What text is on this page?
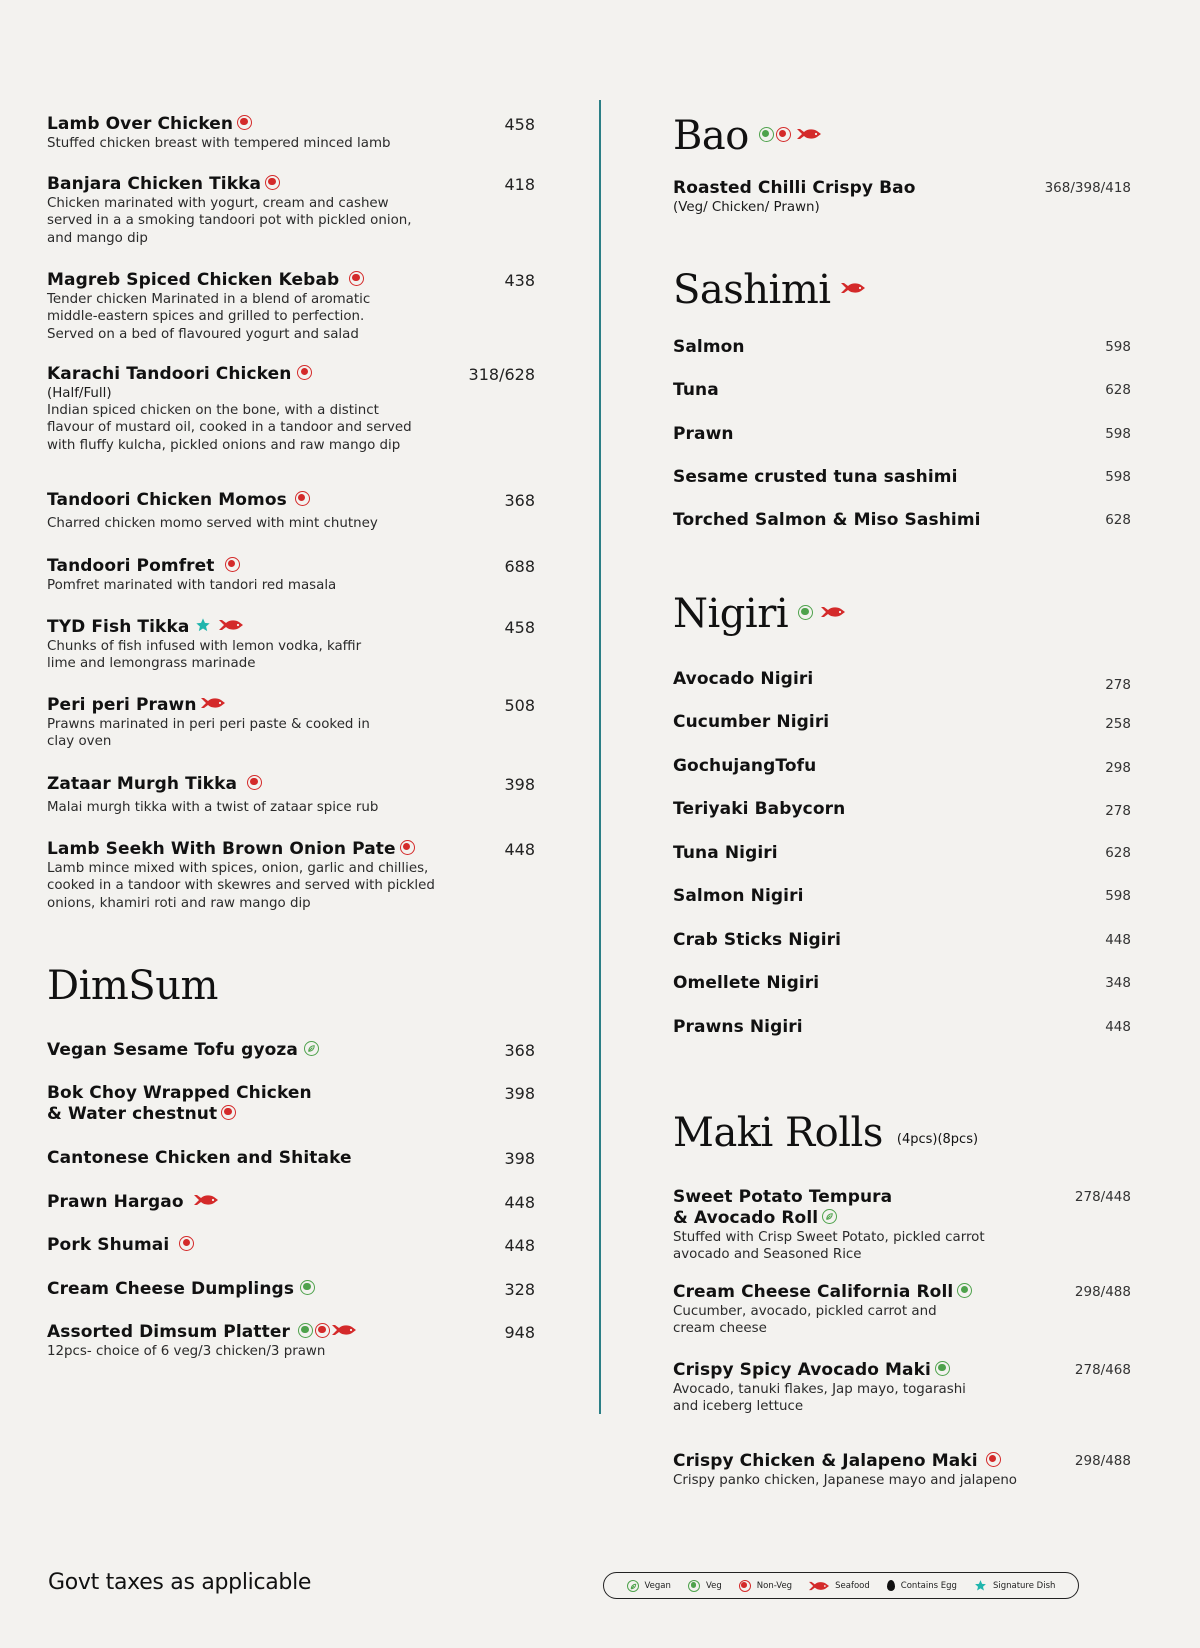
Lamb Over Chicken	458
Stuffed chicken breast with tempered minced lamb
Banjara Chicken Tikka	418
Chicken marinated with yogurt, cream and cashew served in a a smoking tandoori pot with pickled onion, and mango dip
Magreb Spiced Chicken Kebab	438
Tender chicken Marinated in a blend of aromatic middle-eastern spices and grilled to perfection. Served on a bed of flavoured yogurt and salad
Karachi Tandoori Chicken	318/628
(Half/Full)
Indian spiced chicken on the bone, with a distinct flavour of mustard oil, cooked in a tandoor and served with fluffy kulcha, pickled onions and raw mango dip
Tandoori Chicken Momos	368
Charred chicken momo served with mint chutney
Tandoori Pomfret	688
Pomfret marinated with tandori red masala
TYD Fish Tikka	458
Chunks of fish infused with lemon vodka, kaffir lime and lemongrass marinade
Peri peri Prawn	508
Prawns marinated in peri peri paste & cooked in clay oven
Zataar Murgh Tikka	398
Malai murgh tikka with a twist of zataar spice rub
Lamb Seekh With Brown Onion Pate	448
Lamb mince mixed with spices, onion, garlic and chillies, cooked in a tandoor with skewres and served with pickled onions, khamiri roti and raw mango dip
DimSum
Vegan Sesame Tofu gyoza	368
Bok Choy Wrapped Chicken
& Water chestnut
398
Cantonese Chicken and Shitake	398
Prawn Hargao	448
Pork Shumai	448
Cream Cheese Dumplings	328
Assorted Dimsum Platter	948
12pcs- choice of 6 veg/3 chicken/3 prawn
Bao
Roasted Chilli Crispy Bao	368/398/418
(Veg/ Chicken/ Prawn)
Sashimi
Salmon	598
Tuna	628
Prawn	598
Sesame crusted tuna sashimi	598
Torched Salmon & Miso Sashimi	628
Nigiri
Avocado Nigiri	278
Cucumber Nigiri	258
GochujangTofu	298
Teriyaki Babycorn	278
Tuna Nigiri	628
Salmon Nigiri	598
Crab Sticks Nigiri	448
Omellete Nigiri	348
Prawns Nigiri	448
Maki Rolls (4pcs)(8pcs)
Sweet Potato Tempura
& Avocado Roll
278/448
Stuffed with Crisp Sweet Potato, pickled carrot avocado and Seasoned Rice
Cream Cheese California Roll	298/488
Cucumber, avocado, pickled carrot and cream cheese
Crispy Spicy Avocado Maki	278/468
Avocado, tanuki flakes, Jap mayo, togarashi and iceberg lettuce
Crispy Chicken & Jalapeno Maki	298/488
Crispy panko chicken, Japanese mayo and jalapeno
Govt taxes as applicable	Vegan	Veg	Non-Veg	Seafood	Contains Egg	Signature Dish
